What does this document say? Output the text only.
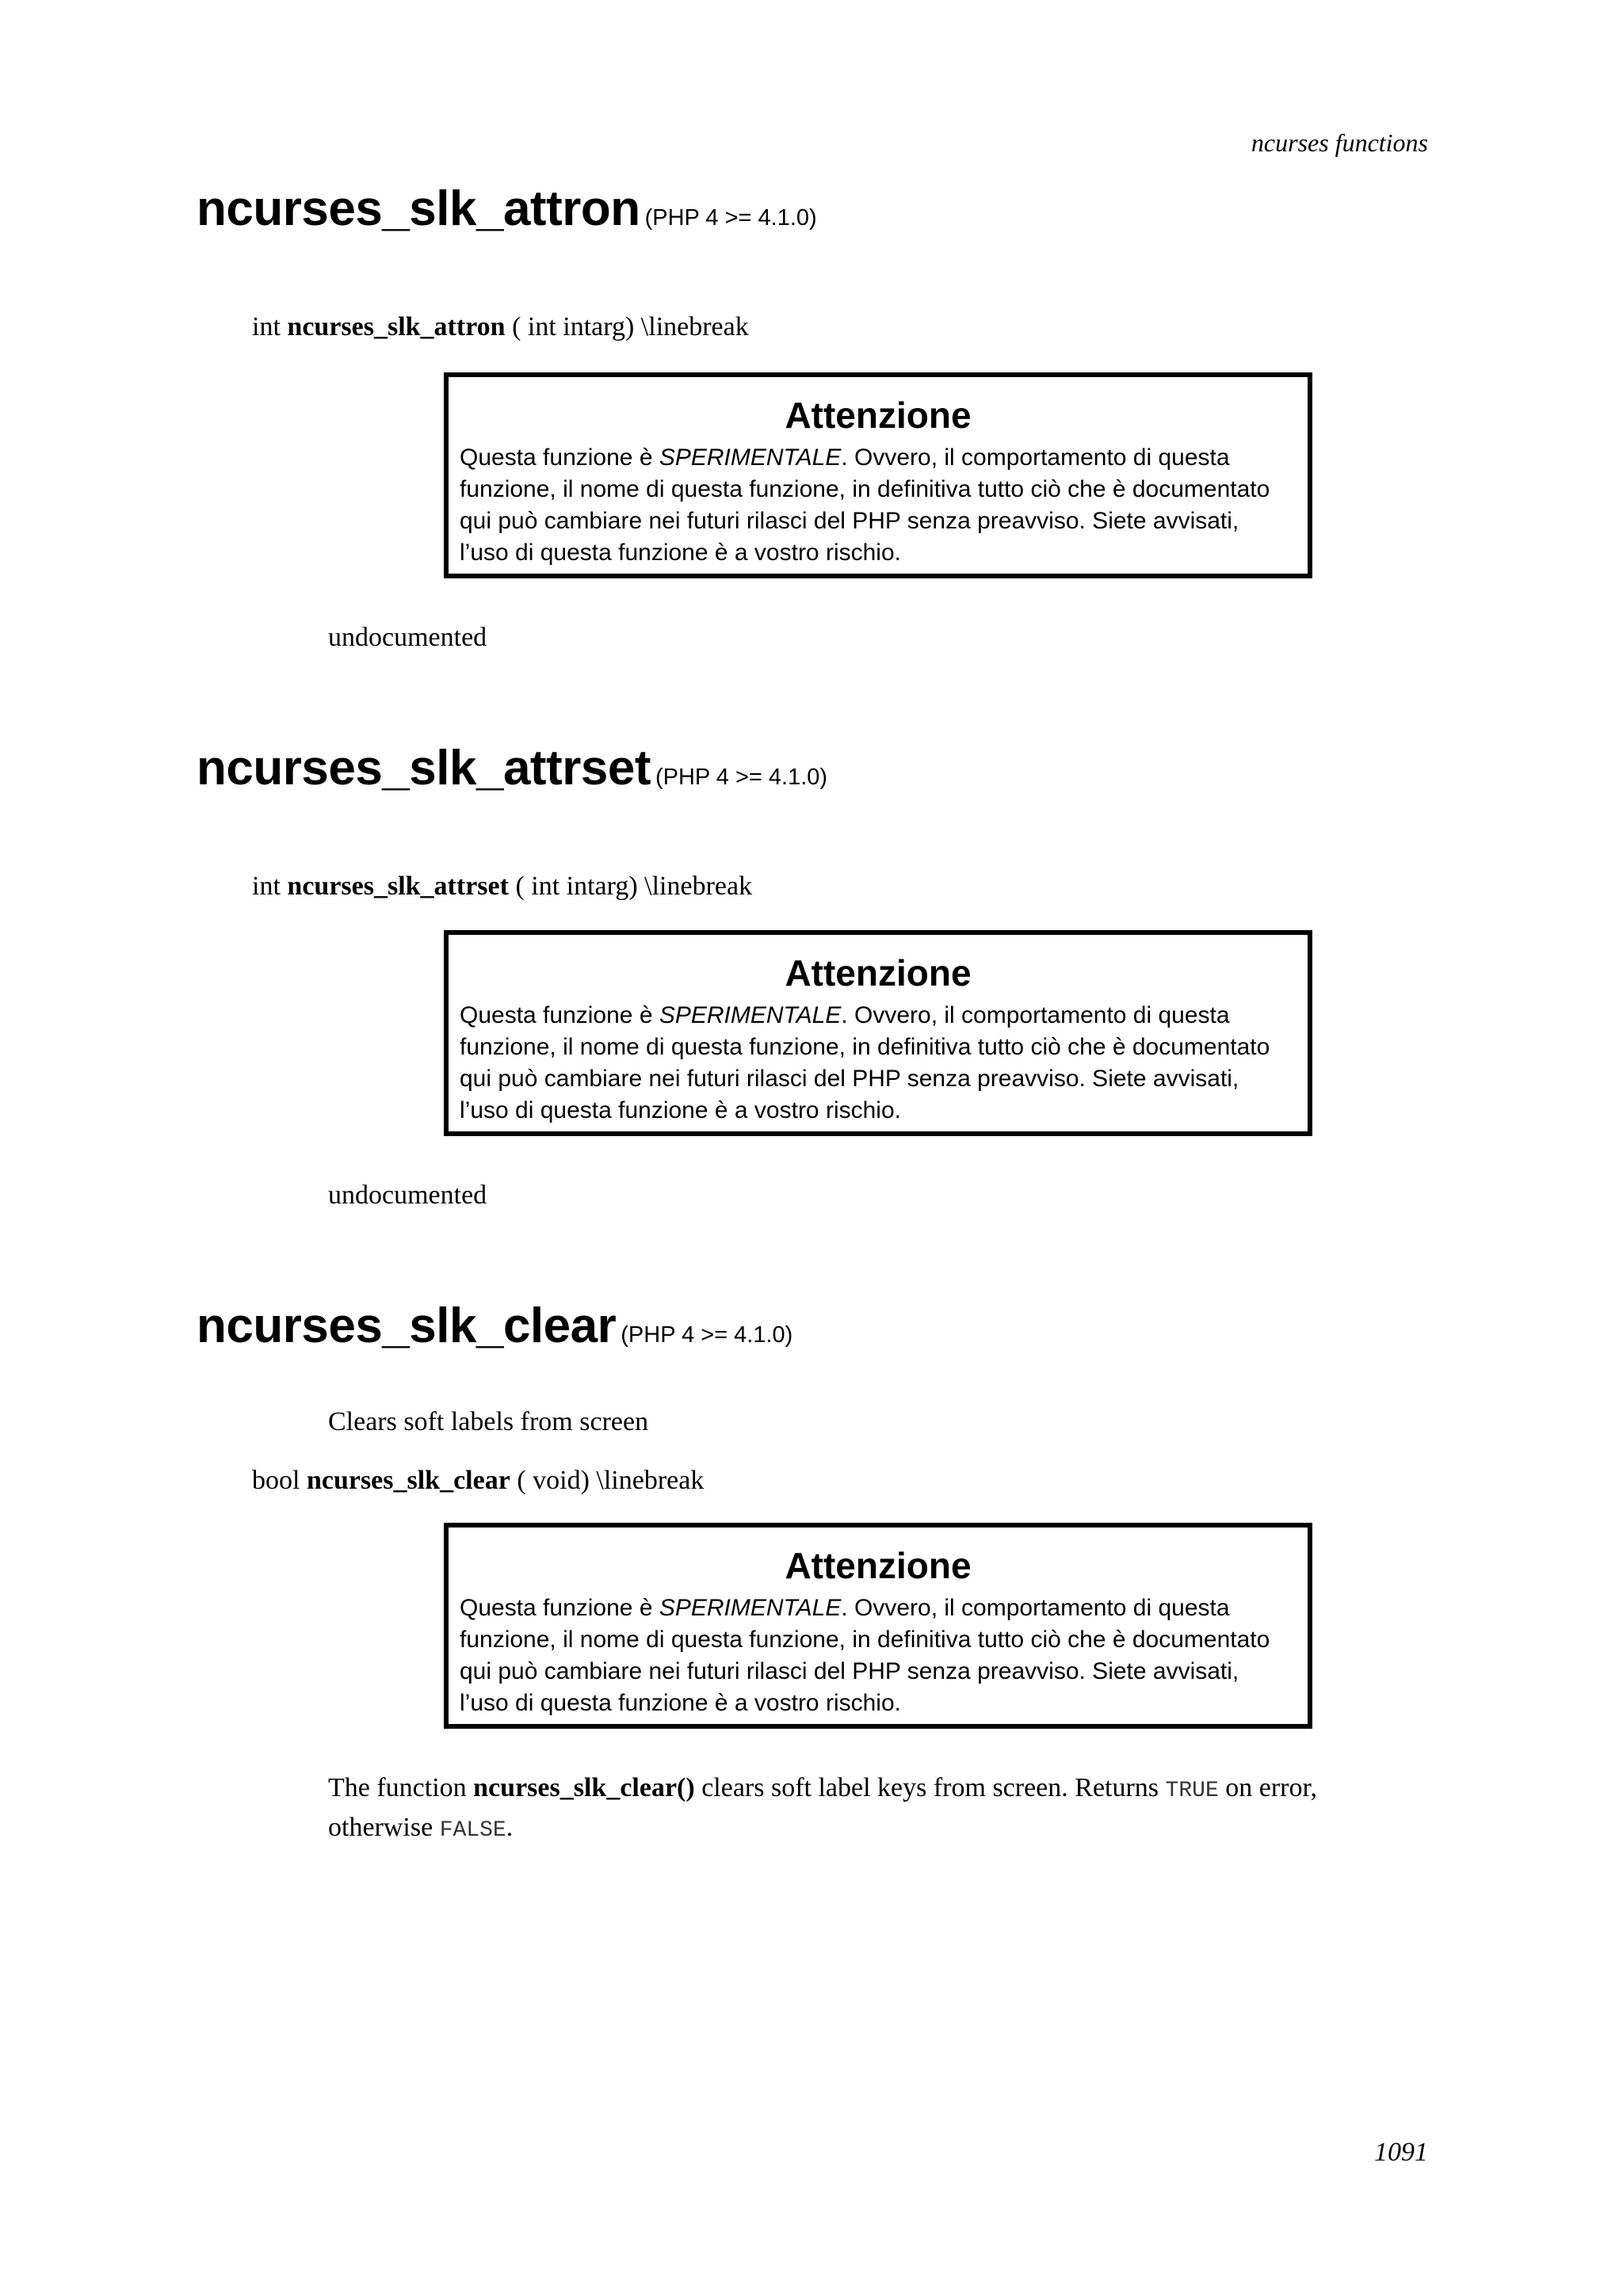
ncurses functions
ncurses_slk_attron (PHP 4 >= 4.1.0)
int ncurses_slk_attron ( int intarg) \linebreak
Attenzione
Questa funzione è SPERIMENTALE. Ovvero, il comportamento di questa funzione, il nome di questa funzione, in definitiva tutto ciò che è documentato qui può cambiare nei futuri rilasci del PHP senza preavviso. Siete avvisati, l’uso di questa funzione è a vostro rischio.
undocumented
ncurses_slk_attrset (PHP 4 >= 4.1.0)
int ncurses_slk_attrset ( int intarg) \linebreak
Attenzione
Questa funzione è SPERIMENTALE. Ovvero, il comportamento di questa funzione, il nome di questa funzione, in definitiva tutto ciò che è documentato qui può cambiare nei futuri rilasci del PHP senza preavviso. Siete avvisati, l’uso di questa funzione è a vostro rischio.
undocumented
ncurses_slk_clear (PHP 4 >= 4.1.0)
Clears soft labels from screen
bool ncurses_slk_clear ( void) \linebreak
Attenzione
Questa funzione è SPERIMENTALE. Ovvero, il comportamento di questa funzione, il nome di questa funzione, in definitiva tutto ciò che è documentato qui può cambiare nei futuri rilasci del PHP senza preavviso. Siete avvisati, l’uso di questa funzione è a vostro rischio.
The function ncurses_slk_clear() clears soft label keys from screen. Returns TRUE on error, otherwise FALSE.
1091
